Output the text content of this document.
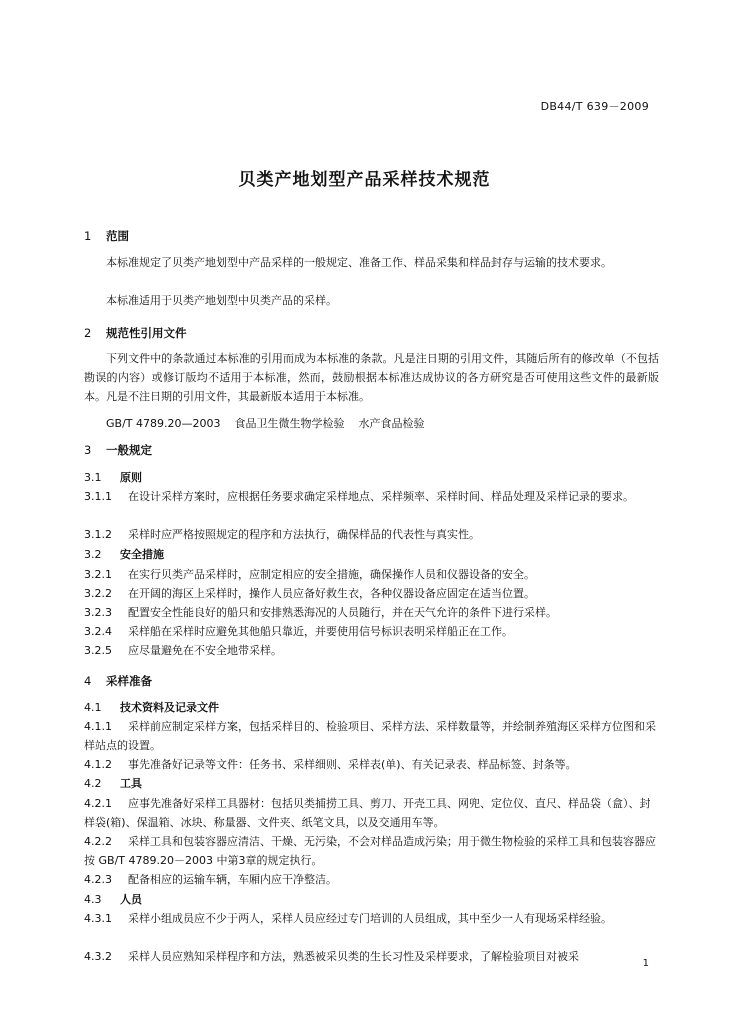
DB44/T 639－2009
贝类产地划型产品采样技术规范
1 范围
本标准规定了贝类产地划型中产品采样的一般规定、准备工作、样品采集和样品封存与运输的技术要求。
本标准适用于贝类产地划型中贝类产品的采样。
2 规范性引用文件
下列文件中的条款通过本标准的引用而成为本标准的条款。凡是注日期的引用文件，其随后所有的修改单（不包括勘误的内容）或修订版均不适用于本标准，然而，鼓励根据本标准达成协议的各方研究是否可使用这些文件的最新版本。凡是不注日期的引用文件，其最新版本适用于本标准。
GB/T 4789.20—2003 食品卫生微生物学检验 水产食品检验
3 一般规定
3.1 原则
3.1.1 在设计采样方案时，应根据任务要求确定采样地点、采样频率、采样时间、样品处理及采样记录的要求。
3.1.2 采样时应严格按照规定的程序和方法执行，确保样品的代表性与真实性。
3.2 安全措施
3.2.1 在实行贝类产品采样时，应制定相应的安全措施，确保操作人员和仪器设备的安全。
3.2.2 在开阔的海区上采样时，操作人员应备好救生衣，各种仪器设备应固定在适当位置。
3.2.3 配置安全性能良好的船只和安排熟悉海况的人员随行，并在天气允许的条件下进行采样。
3.2.4 采样船在采样时应避免其他船只靠近，并要使用信号标识表明采样船正在工作。
3.2.5 应尽量避免在不安全地带采样。
4 采样准备
4.1 技术资料及记录文件
4.1.1 采样前应制定采样方案，包括采样目的、检验项目、采样方法、采样数量等，并绘制养殖海区采样方位图和采样站点的设置。
4.1.2 事先准备好记录等文件：任务书、采样细则、采样表(单)、有关记录表、样品标签、封条等。
4.2 工具
4.2.1 应事先准备好采样工具器材：包括贝类捕捞工具、剪刀、开壳工具、网兜、定位仪、直尺、样品袋（盒）、封样袋(箱)、保温箱、冰块、称量器、文件夹、纸笔文具，以及交通用车等。
4.2.2 采样工具和包装容器应清洁、干燥、无污染，不会对样品造成污染；用于微生物检验的采样工具和包装容器应按 GB/T 4789.20－2003 中第3章的规定执行。
4.2.3 配备相应的运输车辆，车厢内应干净整洁。
4.3 人员
4.3.1 采样小组成员应不少于两人，采样人员应经过专门培训的人员组成，其中至少一人有现场采样经验。
4.3.2 采样人员应熟知采样程序和方法，熟悉被采贝类的生长习性及采样要求，了解检验项目对被采
1
